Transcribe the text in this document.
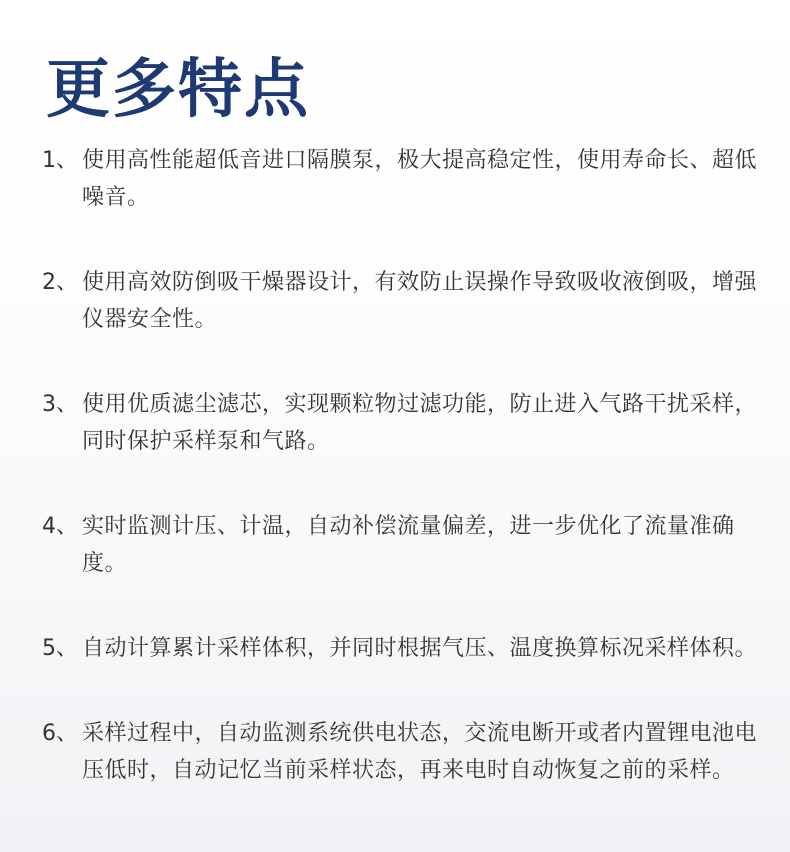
更多特点
1、 使用高性能超低音进口隔膜泵，极大提高稳定性，使用寿命长、超低噪音。
2、 使用高效防倒吸干燥器设计，有效防止误操作导致吸收液倒吸，增强仪器安全性。
3、 使用优质滤尘滤芯，实现颗粒物过滤功能，防止进入气路干扰采样，同时保护采样泵和气路。
4、 实时监测计压、计温，自动补偿流量偏差，进一步优化了流量准确度。
5、 自动计算累计采样体积，并同时根据气压、温度换算标况采样体积。
6、 采样过程中，自动监测系统供电状态，交流电断开或者内置锂电池电压低时，自动记忆当前采样状态，再来电时自动恢复之前的采样。
